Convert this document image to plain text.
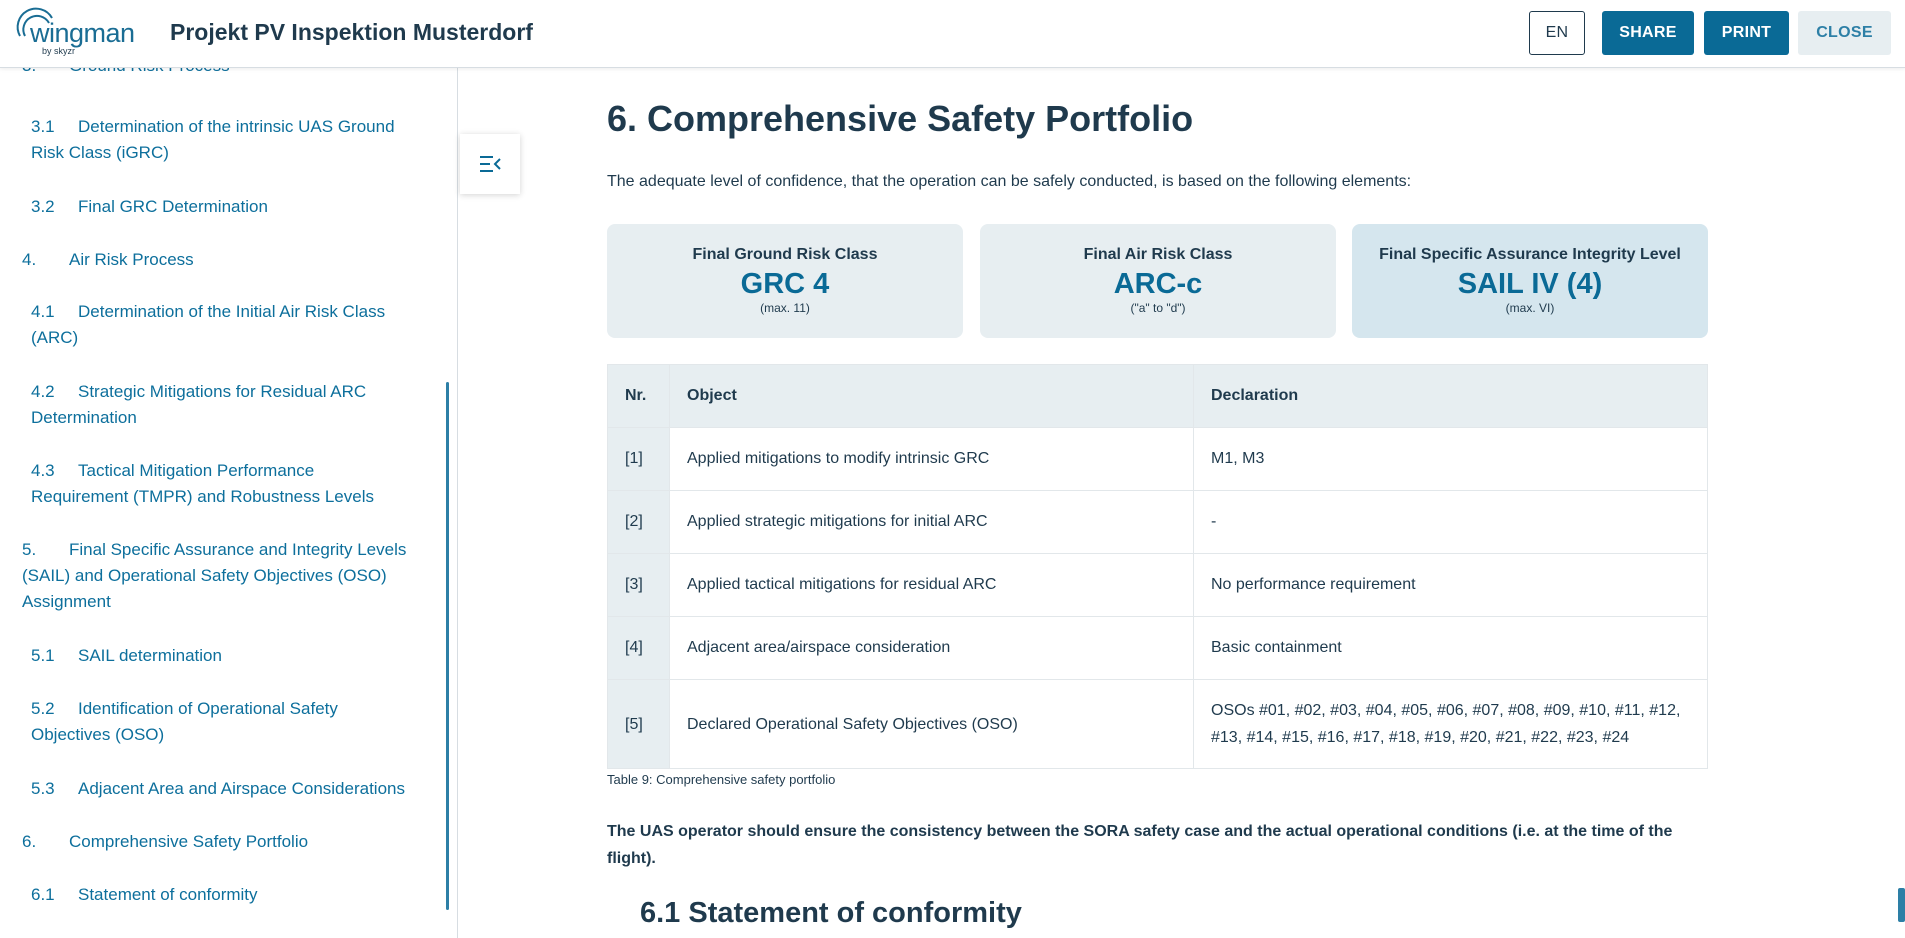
wingman
by skyzr
Projekt PV Inspektion Musterdorf	EN	SHARE	PRINT	CLOSE
3.1 Determination of the intrinsic UAS Ground Risk Class (iGRC)
3.2 Final GRC Determination
4. Air Risk Process
4.1 Determination of the Initial Air Risk Class (ARC)
4.2 Strategic Mitigations for Residual ARC Determination
4.3 Tactical Mitigation Performance Requirement (TMPR) and Robustness Levels
5. Final Specific Assurance and Integrity Levels (SAIL) and Operational Safety Objectives (OSO) Assignment
5.1 SAIL determination
5.2 Identification of Operational Safety Objectives (OSO)
5.3 Adjacent Area and Airspace Considerations
6. Comprehensive Safety Portfolio
6.1 Statement of conformity
6. Comprehensive Safety Portfolio
The adequate level of confidence, that the operation can be safely conducted, is based on the following elements:
Final Ground Risk Class
GRC 4
(max. 11)
Final Air Risk Class
ARC-c
("a" to "d")
Final Specific Assurance Integrity Level
SAIL IV (4)
(max. VI)
Nr.	Object	Declaration
[1]	Applied mitigations to modify intrinsic GRC	M1, M3
[2]	Applied strategic mitigations for initial ARC	-
[3]	Applied tactical mitigations for residual ARC	No performance requirement
[4]	Adjacent area/airspace consideration	Basic containment
[5]	Declared Operational Safety Objectives (OSO)	OSOs #01, #02, #03, #04, #05, #06, #07, #08, #09, #10, #11, #12, #13, #14, #15, #16, #17, #18, #19, #20, #21, #22, #23, #24
Table 9: Comprehensive safety portfolio
The UAS operator should ensure the consistency between the SORA safety case and the actual operational conditions (i.e. at the time of the flight).
6.1 Statement of conformity
